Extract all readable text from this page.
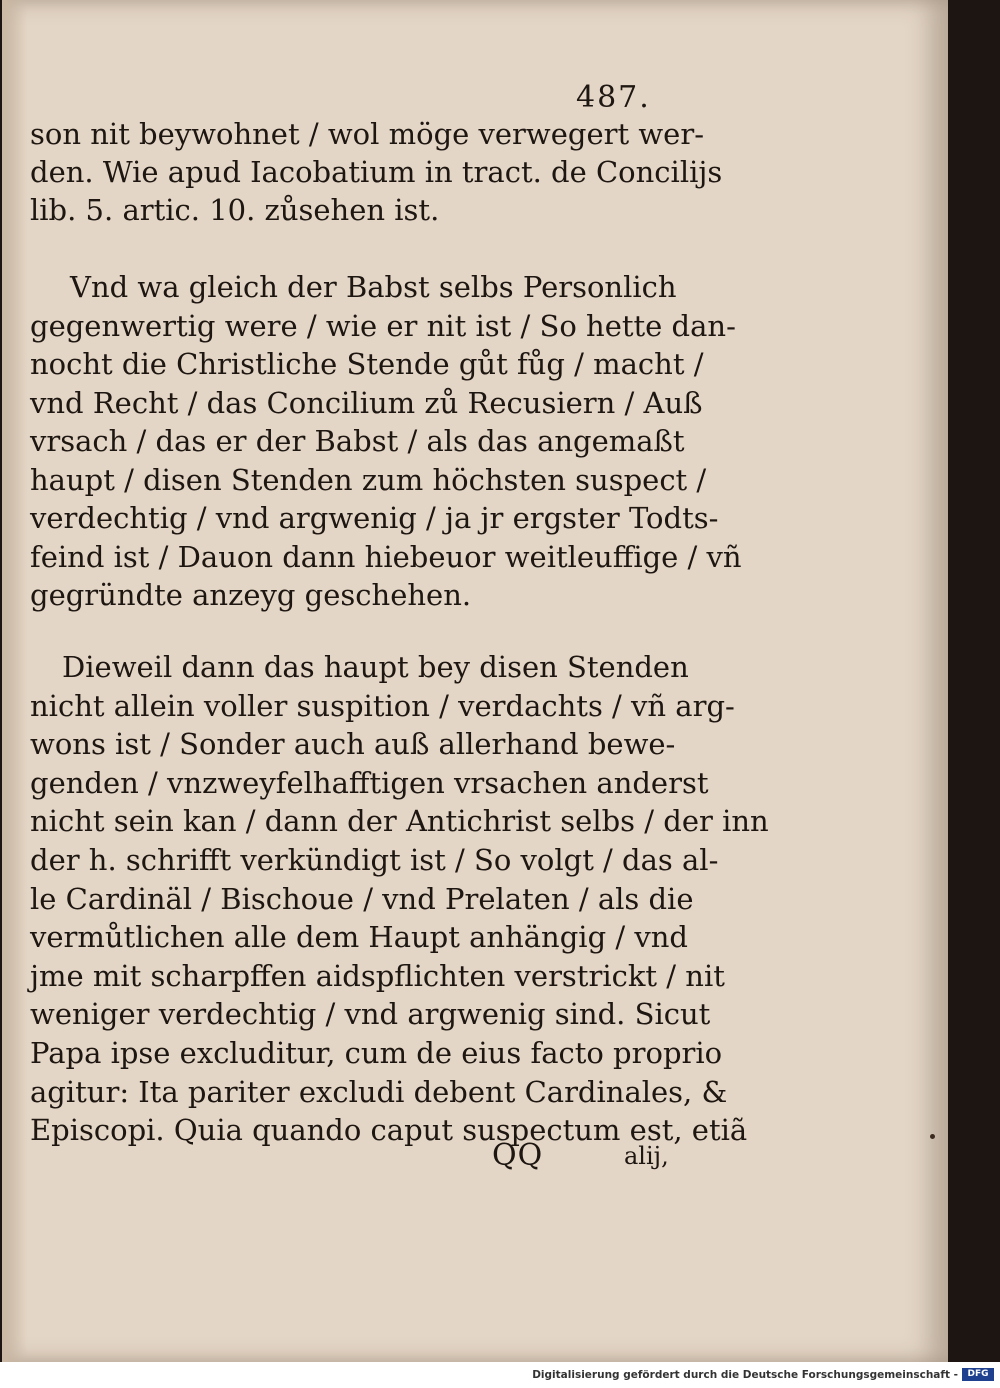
487.
son nit beywohnet / wol möge verwegert wer-
den. Wie apud Iacobatium in tract. de Concilijs
lib. 5. artic. 10. zůsehen ist.
Vnd wa gleich der Babst selbs Personlich
gegenwertig were / wie er nit ist / So hette dan-
nocht die Christliche Stende gůt fůg / macht /
vnd Recht / das Concilium zů Recusiern / Auß
vrsach / das er der Babst / als das angemaßt
haupt / disen Stenden zum höchsten suspect /
verdechtig / vnd argwenig / ja jr ergster Todts-
feind ist / Dauon dann hiebeuor weitleuffige / vñ
gegründte anzeyg geschehen.
Dieweil dann das haupt bey disen Stenden
nicht allein voller suspition / verdachts / vñ arg-
wons ist / Sonder auch auß allerhand bewe-
genden / vnzweyfelhafftigen vrsachen anderst
nicht sein kan / dann der Antichrist selbs / der inn
der h. schrifft verkündigt ist / So volgt / das al-
le Cardinäl / Bischoue / vnd Prelaten / als die
vermůtlichen alle dem Haupt anhängig / vnd
jme mit scharpffen aidspflichten verstrickt / nit
weniger verdechtig / vnd argwenig sind. Sicut
Papa ipse excluditur, cum de eius facto proprio
agitur: Ita pariter excludi debent Cardinales, &
Episcopi. Quia quando caput suspectum est, etiã
QQ	alij,
Digitalisierung gefördert durch die Deutsche Forschungsgemeinschaft -	DFG
